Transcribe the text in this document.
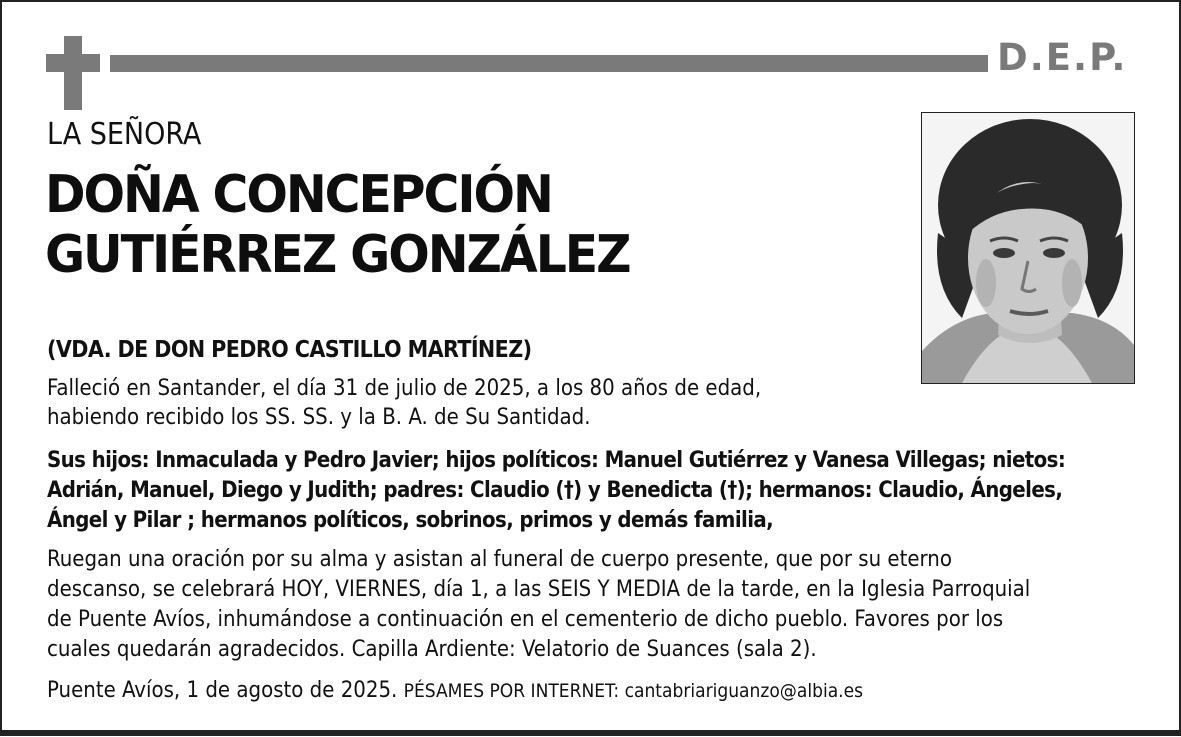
D.E.P.
LA SEÑORA
DOÑA CONCEPCIÓN
GUTIÉRREZ GONZÁLEZ
(VDA. DE DON PEDRO CASTILLO MARTÍNEZ)
Falleció en Santander, el día 31 de julio de 2025, a los 80 años de edad,
habiendo recibido los SS. SS. y la B. A. de Su Santidad.
Sus hijos: Inmaculada y Pedro Javier; hijos políticos: Manuel Gutiérrez y Vanesa Villegas; nietos:
Adrián, Manuel, Diego y Judith; padres: Claudio (†) y Benedicta (†); hermanos: Claudio, Ángeles,
Ángel y Pilar ; hermanos políticos, sobrinos, primos y demás familia,
Ruegan una oración por su alma y asistan al funeral de cuerpo presente, que por su eterno
descanso, se celebrará HOY, VIERNES, día 1, a las SEIS Y MEDIA de la tarde, en la Iglesia Parroquial
de Puente Avíos, inhumándose a continuación en el cementerio de dicho pueblo. Favores por los
cuales quedarán agradecidos. Capilla Ardiente: Velatorio de Suances (sala 2).
Puente Avíos, 1 de agosto de 2025. PÉSAMES POR INTERNET: cantabriariguanzo@albia.es
